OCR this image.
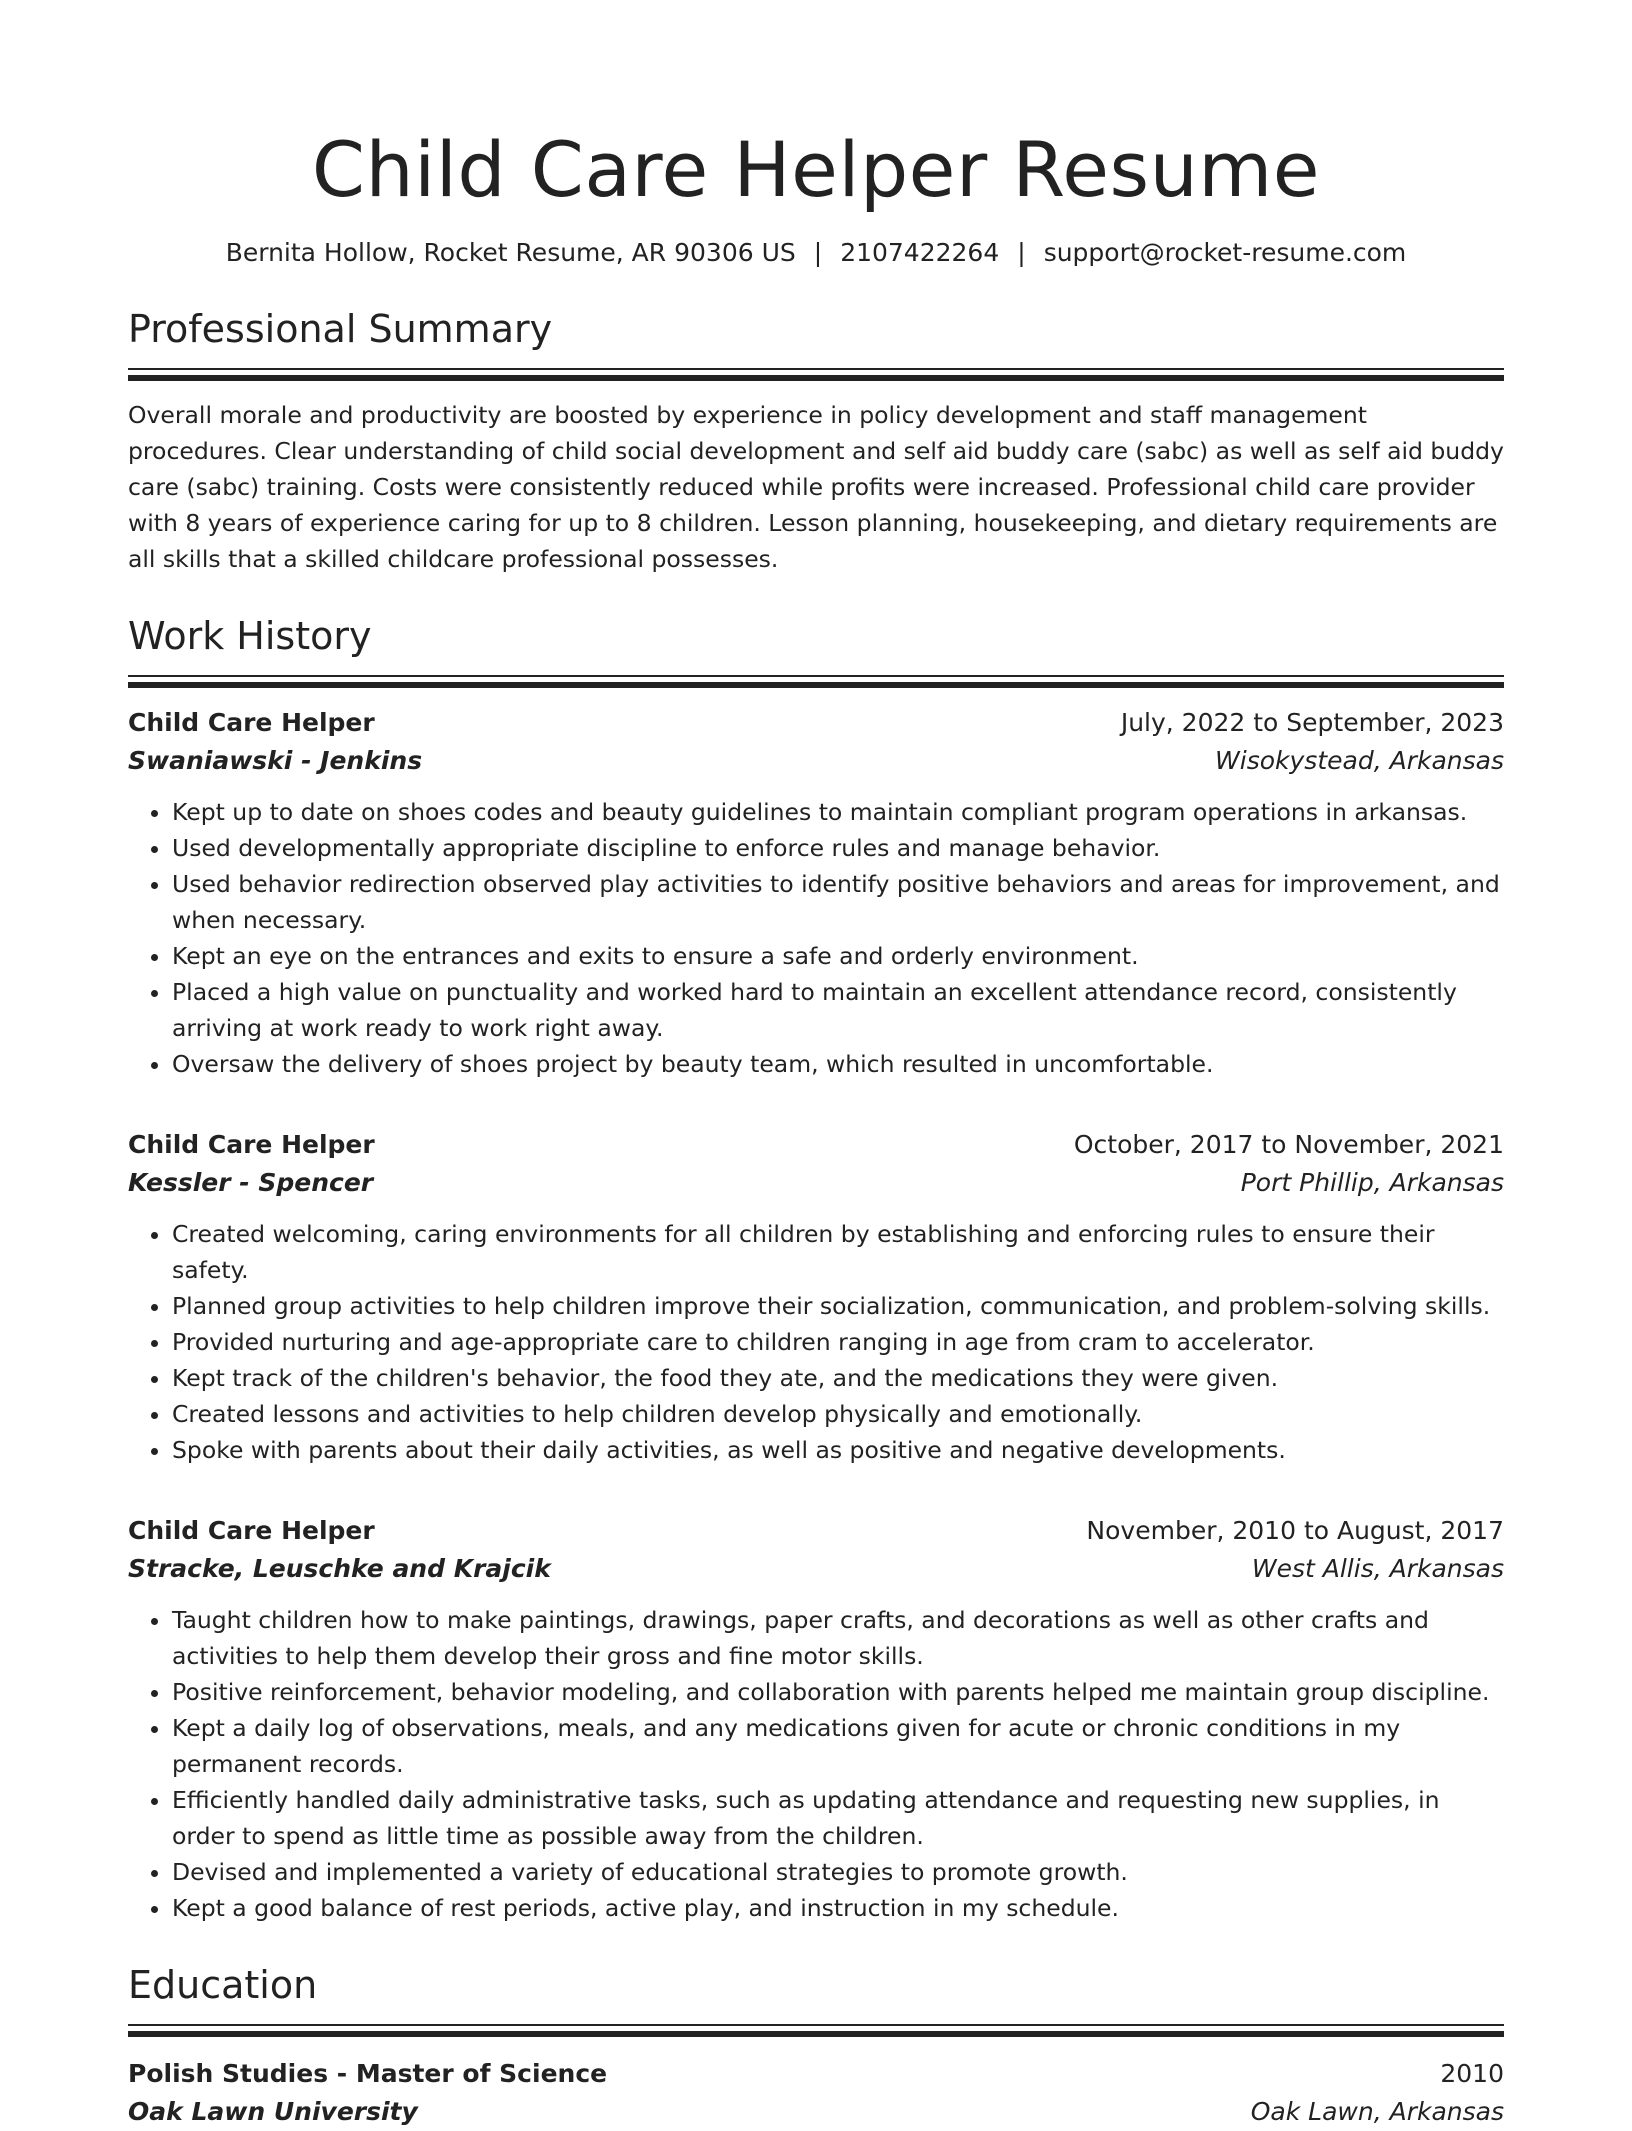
Child Care Helper Resume
Bernita Hollow, Rocket Resume, AR 90306 US | 2107422264 | support@rocket-resume.com
Professional Summary

Overall morale and productivity are boosted by experience in policy development and staff management procedures. Clear understanding of child social development and self aid buddy care (sabc) as well as self aid buddy care (sabc) training. Costs were consistently reduced while profits were increased. Professional child care provider with 8 years of experience caring for up to 8 children. Lesson planning, housekeeping, and dietary requirements are all skills that a skilled childcare professional possesses.

Work History
Child Care Helper	July, 2022 to September, 2023
Swaniawski - Jenkins	Wisokystead, Arkansas
• Kept up to date on shoes codes and beauty guidelines to maintain compliant program operations in arkansas.
• Used developmentally appropriate discipline to enforce rules and manage behavior.
• Used behavior redirection observed play activities to identify positive behaviors and areas for improvement, and when necessary.
• Kept an eye on the entrances and exits to ensure a safe and orderly environment.
• Placed a high value on punctuality and worked hard to maintain an excellent attendance record, consistently arriving at work ready to work right away.
• Oversaw the delivery of shoes project by beauty team, which resulted in uncomfortable.
Child Care Helper	October, 2017 to November, 2021
Kessler - Spencer	Port Phillip, Arkansas
• Created welcoming, caring environments for all children by establishing and enforcing rules to ensure their safety.
• Planned group activities to help children improve their socialization, communication, and problem-solving skills.
• Provided nurturing and age-appropriate care to children ranging in age from cram to accelerator.
• Kept track of the children's behavior, the food they ate, and the medications they were given.
• Created lessons and activities to help children develop physically and emotionally.
• Spoke with parents about their daily activities, as well as positive and negative developments.
Child Care Helper	November, 2010 to August, 2017
Stracke, Leuschke and Krajcik	West Allis, Arkansas
• Taught children how to make paintings, drawings, paper crafts, and decorations as well as other crafts and activities to help them develop their gross and fine motor skills.
• Positive reinforcement, behavior modeling, and collaboration with parents helped me maintain group discipline.
• Kept a daily log of observations, meals, and any medications given for acute or chronic conditions in my permanent records.
• Efficiently handled daily administrative tasks, such as updating attendance and requesting new supplies, in order to spend as little time as possible away from the children.
• Devised and implemented a variety of educational strategies to promote growth.
• Kept a good balance of rest periods, active play, and instruction in my schedule.
Education
Polish Studies - Master of Science	2010
Oak Lawn University	Oak Lawn, Arkansas
